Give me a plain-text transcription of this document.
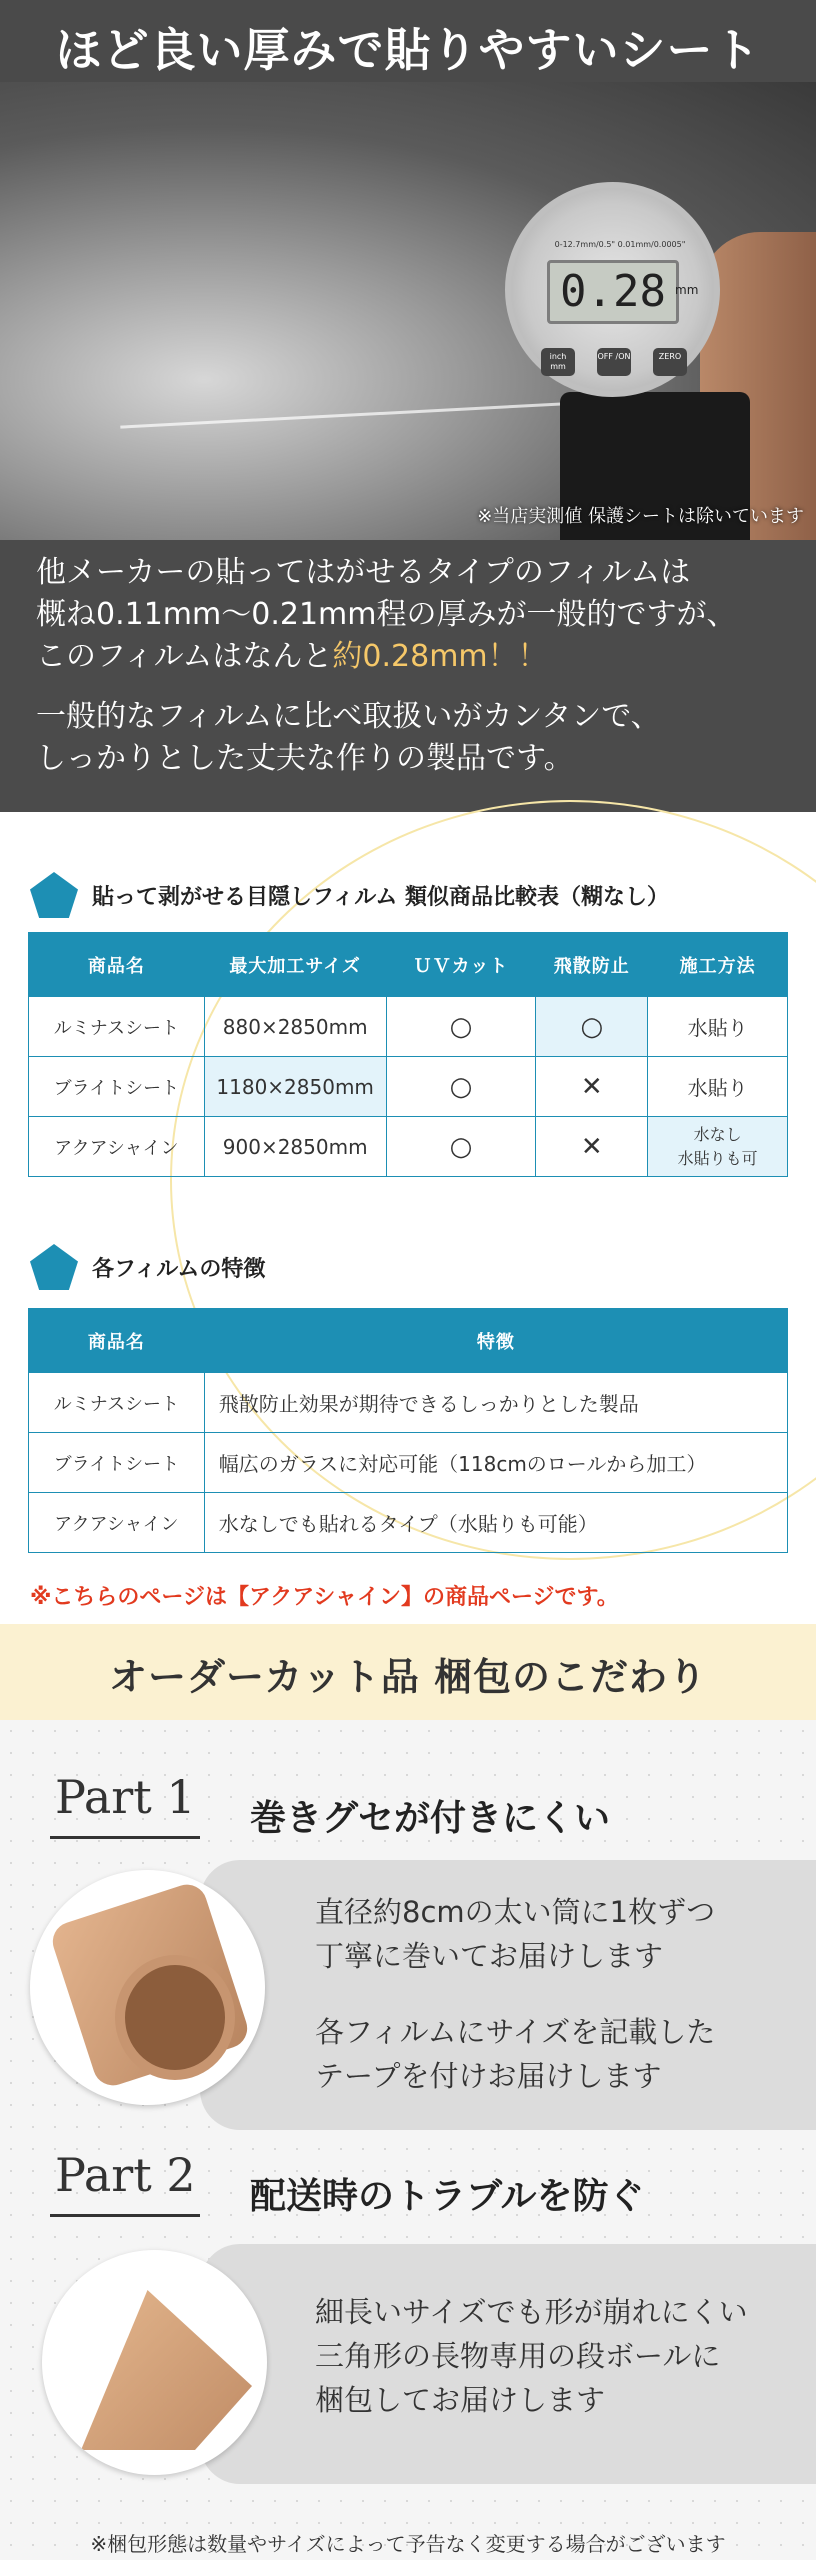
ほど良い厚みで貼りやすいシート
0-12.7mm/0.5" 0.01mm/0.0005"
0.28 mm
inch mm
OFF /ON	ZERO
※当店実測値 保護シートは除いています

他メーカーの貼ってはがせるタイプのフィルムは
概ね0.11mm〜0.21mm程の厚みが一般的ですが、
このフィルムはなんと約0.28mm！！

一般的なフィルムに比べ取扱いがカンタンで、
しっかりとした丈夫な作りの製品です。

貼って剥がせる目隠しフィルム 類似商品比較表（糊なし）
商品名	最大加工サイズ	ＵＶカット	飛散防止	施工方法
ルミナスシート	880×2850mm	○	○	水貼り
ブライトシート	1180×2850mm	○	✕	水貼り
アクアシャイン	900×2850mm	○	✕	水なし
水貼りも可
各フィルムの特徴
商品名	特徴
ルミナスシート	飛散防止効果が期待できるしっかりとした製品
ブライトシート	幅広のガラスに対応可能（118cmのロールから加工）
アクアシャイン	水なしでも貼れるタイプ（水貼りも可能）
※こちらのページは【アクアシャイン】の商品ページです。
オーダーカット品 梱包のこだわり
Part 1 巻きグセが付きにくい
直径約8cmの太い筒に1枚ずつ
丁寧に巻いてお届けします
各フィルムにサイズを記載した
テープを付けお届けします
Part 2 配送時のトラブルを防ぐ
細長いサイズでも形が崩れにくい
三角形の長物専用の段ボールに
梱包してお届けします
※梱包形態は数量やサイズによって予告なく変更する場合がございます
